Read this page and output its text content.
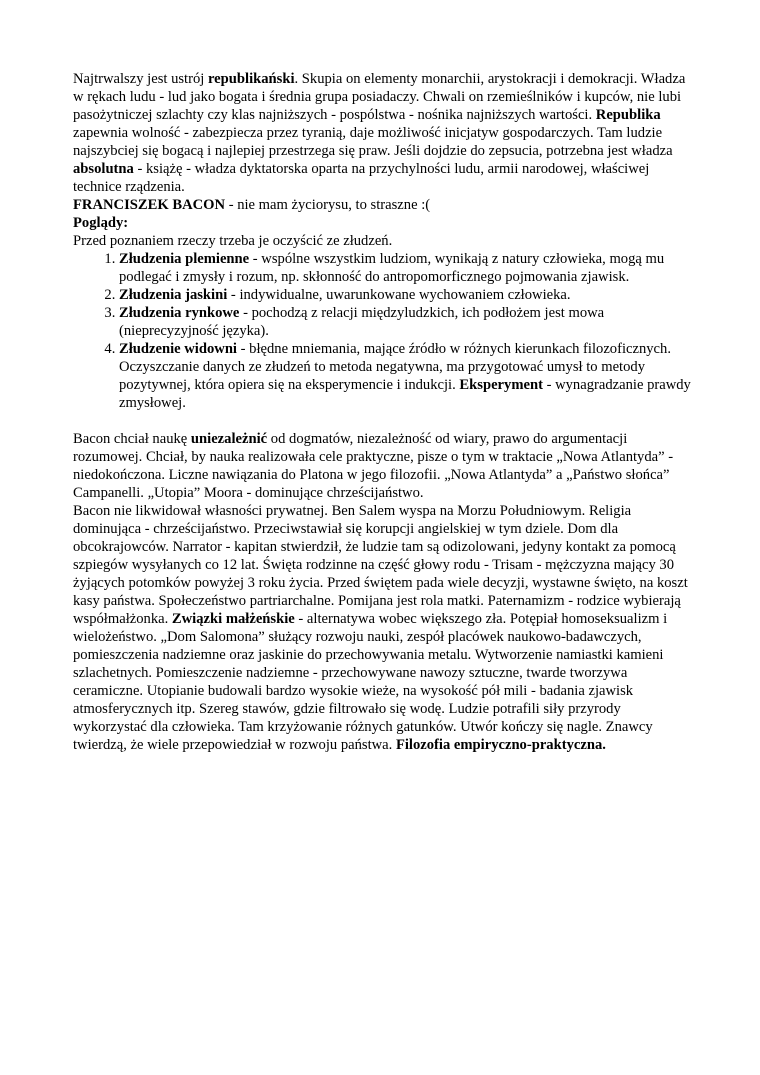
Najtrwalszy jest ustrój republikański. Skupia on elementy monarchii, arystokracji i demokracji. Władza w rękach ludu - lud jako bogata i średnia grupa posiadaczy. Chwali on rzemieślników i kupców, nie lubi pasożytniczej szlachty czy klas najniższych - pospólstwa - nośnika najniższych wartości. Republika zapewnia wolność - zabezpiecza przez tyranią, daje możliwość inicjatyw gospodarczych. Tam ludzie najszybciej się bogacą i najlepiej przestrzega się praw. Jeśli dojdzie do zepsucia, potrzebna jest władza absolutna - książę - władza dyktatorska oparta na przychylności ludu, armii narodowej, właściwej technice rządzenia.

FRANCISZEK BACON - nie mam życiorysu, to straszne :(

Poglądy:

Przed poznaniem rzeczy trzeba je oczyścić ze złudzeń.

1. Złudzenia plemienne - wspólne wszystkim ludziom, wynikają z natury człowieka, mogą mu podlegać i zmysły i rozum, np. skłonność do antropomorficznego pojmowania zjawisk.
2. Złudzenia jaskini - indywidualne, uwarunkowane wychowaniem człowieka.
3. Złudzenia rynkowe - pochodzą z relacji międzyludzkich, ich podłożem jest mowa (nieprecyzyjność języka).
4. Złudzenie widowni - błędne mniemania, mające źródło w różnych kierunkach filozoficznych. Oczyszczanie danych ze złudzeń to metoda negatywna, ma przygotować umysł to metody pozytywnej, która opiera się na eksperymencie i indukcji. Eksperyment - wynagradzanie prawdy zmysłowej.

Bacon chciał naukę uniezależnić od dogmatów, niezależność od wiary, prawo do argumentacji rozumowej. Chciał, by nauka realizowała cele praktyczne, pisze o tym w traktacie „Nowa Atlantyda” - niedokończona. Liczne nawiązania do Platona w jego filozofii. „Nowa Atlantyda” a „Państwo słońca” Campanelli. „Utopia” Moora - dominujące chrześcijaństwo.

Bacon nie likwidował własności prywatnej. Ben Salem wyspa na Morzu Południowym. Religia dominująca - chrześcijaństwo. Przeciwstawiał się korupcji angielskiej w tym dziele. Dom dla obcokrajowców. Narrator - kapitan stwierdził, że ludzie tam są odizolowani, jedyny kontakt za pomocą szpiegów wysyłanych co 12 lat. Święta rodzinne na część głowy rodu - Trisam - mężczyzna mający 30 żyjących potomków powyżej 3 roku życia. Przed świętem pada wiele decyzji, wystawne święto, na koszt kasy państwa. Społeczeństwo partriarchalne. Pomijana jest rola matki. Paternamizm - rodzice wybierają współmałżonka. Związki małżeńskie - alternatywa wobec większego zła. Potępiał homoseksualizm i wielożeństwo. „Dom Salomona” służący rozwoju nauki, zespół placówek naukowo-badawczych, pomieszczenia nadziemne oraz jaskinie do przechowywania metalu. Wytworzenie namiastki kamieni szlachetnych. Pomieszczenie nadziemne - przechowywane nawozy sztuczne, twarde tworzywa ceramiczne. Utopianie budowali bardzo wysokie wieże, na wysokość pół mili - badania zjawisk atmosferycznych itp. Szereg stawów, gdzie filtrowało się wodę. Ludzie potrafili siły przyrody wykorzystać dla człowieka. Tam krzyżowanie różnych gatunków. Utwór kończy się nagle. Znawcy twierdzą, że wiele przepowiedział w rozwoju państwa. Filozofia empiryczno-praktyczna.
